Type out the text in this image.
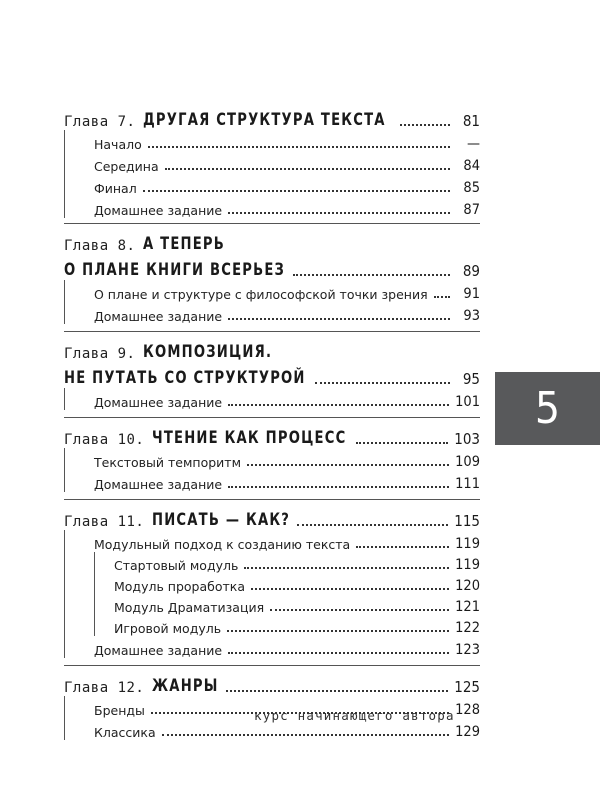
Глава 7. ДРУГАЯ СТРУКТУРА ТЕКСТА	81
Начало	—
Середина	84
Финал	85
Домашнее задание	87
Глава 8. А ТЕПЕРЬ
О ПЛАНЕ КНИГИ ВСЕРЬЕЗ	89
О плане и структуре с философской точки зрения	91
Домашнее задание	93
Глава 9. КОМПОЗИЦИЯ.
НЕ ПУТАТЬ СО СТРУКТУРОЙ	95
Домашнее задание	101
Глава 10. ЧТЕНИЕ КАК ПРОЦЕСС	103
Текстовый темпоритм	109
Домашнее задание	111
Глава 11. ПИСАТЬ — КАК?	115
Модульный подход к созданию текста	119
Стартовый модуль	119
Модуль проработка	120
Модуль Драматизация	121
Игровой модуль	122
Домашнее задание	123
Глава 12. ЖАНРЫ	125
Бренды	128
Классика	129
5
курс начинающего автора
